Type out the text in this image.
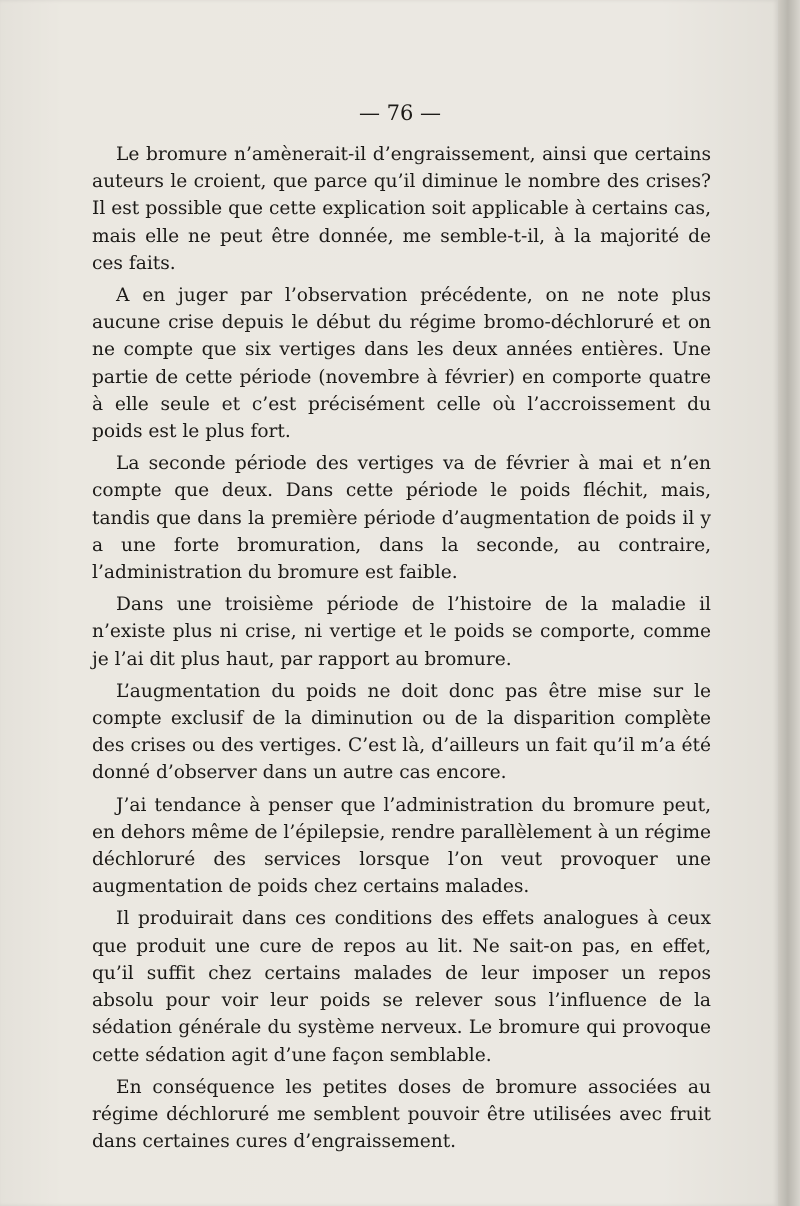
— 76 —

Le bromure n’amènerait-il d’engraissement, ainsi que certains auteurs le croient, que parce qu’il diminue le nombre des crises? Il est possible que cette explication soit applicable à certains cas, mais elle ne peut être donnée, me semble-t-il, à la majorité de ces faits.

A en juger par l’observation précédente, on ne note plus aucune crise depuis le début du régime bromo-déchloruré et on ne compte que six vertiges dans les deux années entières. Une partie de cette période (novembre à février) en comporte quatre à elle seule et c’est précisément celle où l’accroissement du poids est le plus fort.

La seconde période des vertiges va de février à mai et n’en compte que deux. Dans cette période le poids fléchit, mais, tandis que dans la première période d’augmentation de poids il y a une forte bromuration, dans la seconde, au contraire, l’administration du bromure est faible.

Dans une troisième période de l’histoire de la maladie il n’existe plus ni crise, ni vertige et le poids se comporte, comme je l’ai dit plus haut, par rapport au bromure.

L’augmentation du poids ne doit donc pas être mise sur le compte exclusif de la diminution ou de la disparition complète des crises ou des vertiges. C’est là, d’ailleurs un fait qu’il m’a été donné d’observer dans un autre cas encore.

J’ai tendance à penser que l’administration du bromure peut, en dehors même de l’épilepsie, rendre parallèlement à un régime déchloruré des services lorsque l’on veut provoquer une augmentation de poids chez certains malades.

Il produirait dans ces conditions des effets analogues à ceux que produit une cure de repos au lit. Ne sait-on pas, en effet, qu’il suffit chez certains malades de leur imposer un repos absolu pour voir leur poids se relever sous l’influence de la sédation générale du système nerveux. Le bromure qui provoque cette sédation agit d’une façon semblable.

En conséquence les petites doses de bromure associées au régime déchloruré me semblent pouvoir être utilisées avec fruit dans certaines cures d’engraissement.
